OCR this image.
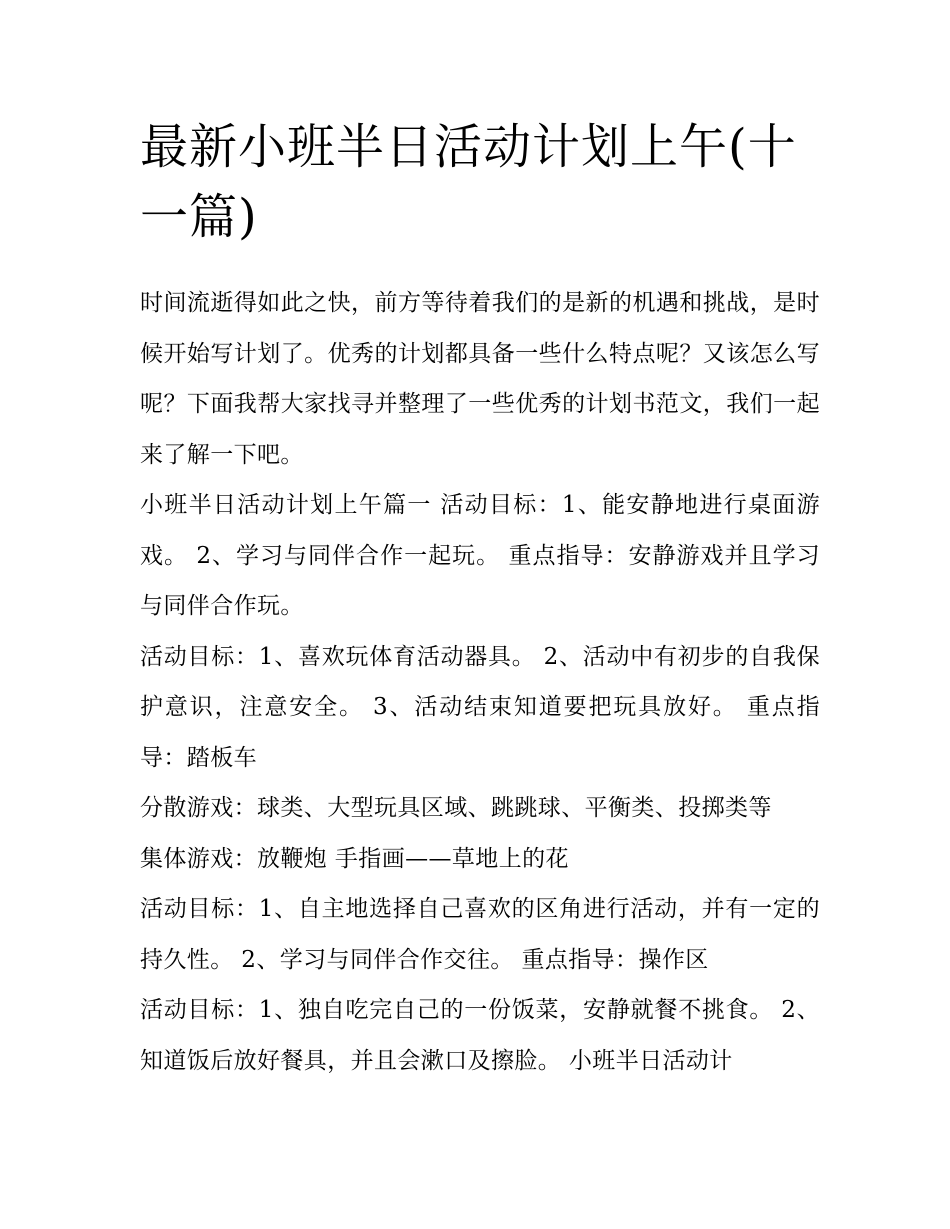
最新小班半日活动计划上午(十一篇)

时间流逝得如此之快，前方等待着我们的是新的机遇和挑战，是时候开始写计划了。优秀的计划都具备一些什么特点呢？又该怎么写呢？下面我帮大家找寻并整理了一些优秀的计划书范文，我们一起来了解一下吧。

小班半日活动计划上午篇一 活动目标：1、能安静地进行桌面游戏。 2、学习与同伴合作一起玩。 重点指导：安静游戏并且学习与同伴合作玩。

活动目标：1、喜欢玩体育活动器具。 2、活动中有初步的自我保护意识，注意安全。 3、活动结束知道要把玩具放好。 重点指导：踏板车

分散游戏：球类、大型玩具区域、跳跳球、平衡类、投掷类等

集体游戏：放鞭炮 手指画——草地上的花

活动目标：1、自主地选择自己喜欢的区角进行活动，并有一定的持久性。 2、学习与同伴合作交往。 重点指导：操作区

活动目标：1、独自吃完自己的一份饭菜，安静就餐不挑食。 2、知道饭后放好餐具，并且会漱口及擦脸。 小班半日活动计
